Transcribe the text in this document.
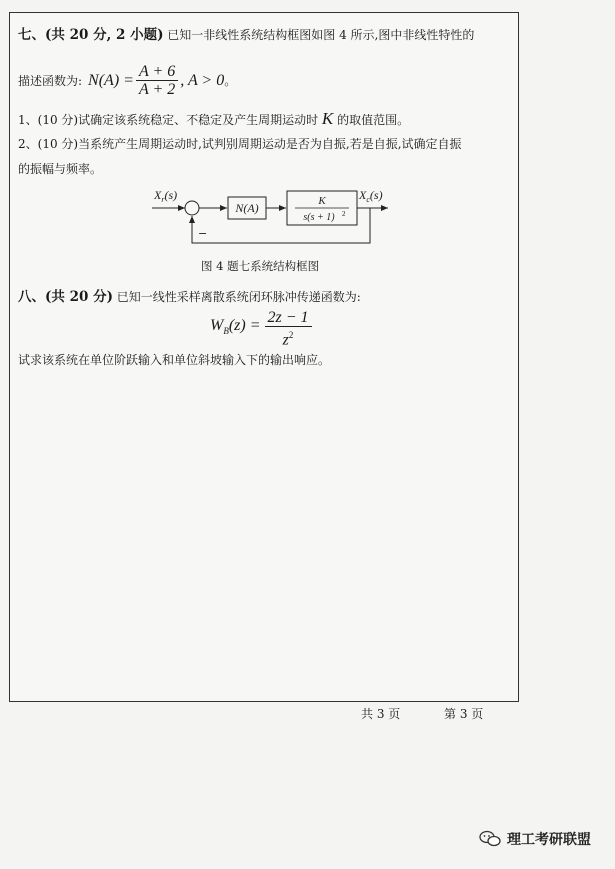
七、(共 20 分, 2 小题) 已知一非线性系统结构框图如图 4 所示,图中非线性特性的
描述函数为: $N(A) = \frac{A + 6}{A + 2}$ , A > 0 。
1、(10 分)试确定该系统稳定、不稳定及产生周期运动时 K 的取值范围。
2、(10 分)当系统产生周期运动时,试判别周期运动是否为自振,若是自振,试确定自振
的振幅与频率。
$X_r(s)$
N(A)	K
s(s + 1) 2
$X_c(s)$
−
图 4 题七系统结构框图
八、(共 20 分) 已知一线性采样离散系统闭环脉冲传递函数为:
$W_B(z) = \frac{2z - 1}{z^2}$
试求该系统在单位阶跃输入和单位斜坡输入下的输出响应。
共 3 页	第 3 页
理工考研联盟
